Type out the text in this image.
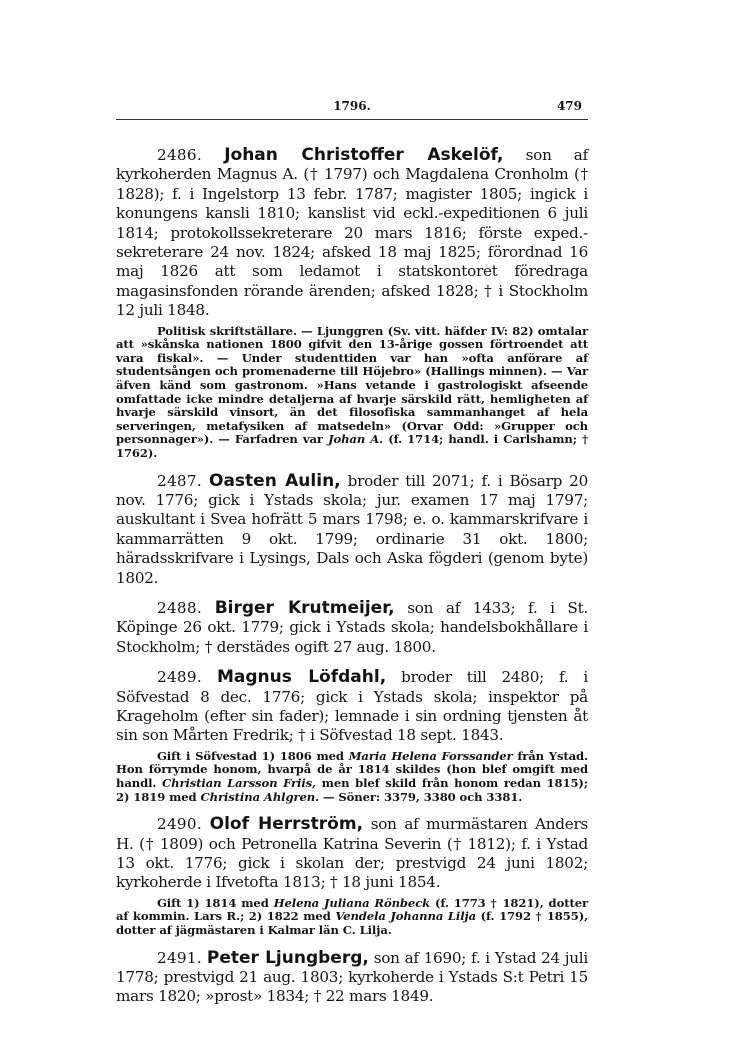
1796.	479

2486. Johan Christoffer Askelöf, son af kyrkoherden Magnus A. († 1797) och Magdalena Cronholm († 1828); f. i Ingelstorp 13 febr. 1787; magister 1805; ingick i konungens kansli 1810; kanslist vid eckl.-expeditionen 6 juli 1814; protokollssekreterare 20 mars 1816; förste exped.-sekreterare 24 nov. 1824; afsked 18 maj 1825; förordnad 16 maj 1826 att som ledamot i statskontoret föredraga magasinsfonden rörande ärenden; afsked 1828; † i Stockholm 12 juli 1848.

Politisk skriftställare. — Ljunggren (Sv. vitt. häfder IV: 82) omtalar att »skånska nationen 1800 gifvit den 13-årige gossen förtroendet att vara fiskal». — Under studenttiden var han »ofta anförare af studentsången och promenaderne till Höjebro» (Hallings minnen). — Var äfven känd som gastronom. »Hans vetande i gastrologiskt afseende omfattade icke mindre detaljerna af hvarje särskild rätt, hemligheten af hvarje särskild vinsort, än det filosofiska sammanhanget af hela serveringen, metafysiken af matsedeln» (Orvar Odd: »Grupper och personnager»). — Farfadren var Johan A. (f. 1714; handl. i Carlshamn; † 1762).

2487. Oasten Aulin, broder till 2071; f. i Bösarp 20 nov. 1776; gick i Ystads skola; jur. examen 17 maj 1797; auskultant i Svea hofrätt 5 mars 1798; e. o. kammarskrifvare i kammarrätten 9 okt. 1799; ordinarie 31 okt. 1800; häradsskrifvare i Lysings, Dals och Aska fögderi (genom byte) 1802.

2488. Birger Krutmeijer, son af 1433; f. i St. Köpinge 26 okt. 1779; gick i Ystads skola; handelsbokhållare i Stockholm; † derstädes ogift 27 aug. 1800.

2489. Magnus Löfdahl, broder till 2480; f. i Söfvestad 8 dec. 1776; gick i Ystads skola; inspektor på Krageholm (efter sin fader); lemnade i sin ordning tjensten åt sin son Mårten Fredrik; † i Söfvestad 18 sept. 1843.

Gift i Söfvestad 1) 1806 med Maria Helena Forssander från Ystad. Hon förrymde honom, hvarpå de år 1814 skildes (hon blef omgift med handl. Christian Larsson Friis, men blef skild från honom redan 1815); 2) 1819 med Christina Ahlgren. — Söner: 3379, 3380 och 3381.

2490. Olof Herrström, son af murmästaren Anders H. († 1809) och Petronella Katrina Severin († 1812); f. i Ystad 13 okt. 1776; gick i skolan der; prestvigd 24 juni 1802; kyrkoherde i Ifvetofta 1813; † 18 juni 1854.

Gift 1) 1814 med Helena Juliana Rönbeck (f. 1773 † 1821), dotter af kommin. Lars R.; 2) 1822 med Vendela Johanna Lilja (f. 1792 † 1855), dotter af jägmästaren i Kalmar län C. Lilja.

2491. Peter Ljungberg, son af 1690; f. i Ystad 24 juli 1778; prestvigd 21 aug. 1803; kyrkoherde i Ystads S:t Petri 15 mars 1820; »prost» 1834; † 22 mars 1849.
